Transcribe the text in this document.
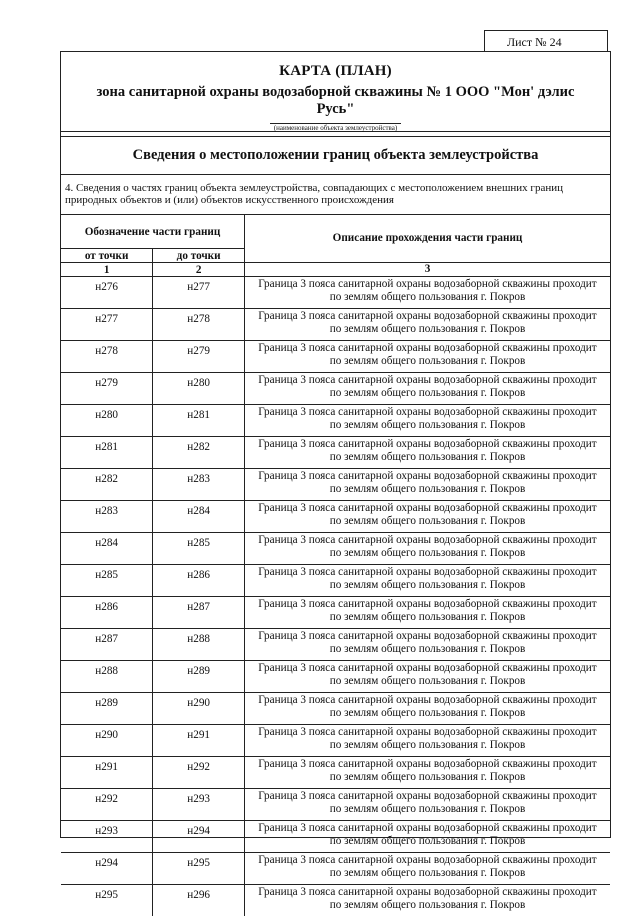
Лист № 24
КАРТА (ПЛАН)
зона санитарной охраны водозаборной скважины № 1 ООО "Мон' дэлис Русь"
(наименование объекта землеустройства)
Сведения о местоположении границ объекта землеустройства
4. Сведения о частях границ объекта землеустройства, совпадающих с местоположением внешних границ природных объектов и (или) объектов искусственного происхождения
Обозначение части границ		Описание прохождения части границ
от точки	до точки	
1	2	3
н276	н277	Граница 3 пояса санитарной охраны водозаборной скважины проходит
по землям общего пользования г. Покров

н277	н278	Граница 3 пояса санитарной охраны водозаборной скважины проходит
по землям общего пользования г. Покров

н278	н279	Граница 3 пояса санитарной охраны водозаборной скважины проходит
по землям общего пользования г. Покров

н279	н280	Граница 3 пояса санитарной охраны водозаборной скважины проходит
по землям общего пользования г. Покров

н280	н281	Граница 3 пояса санитарной охраны водозаборной скважины проходит
по землям общего пользования г. Покров

н281	н282	Граница 3 пояса санитарной охраны водозаборной скважины проходит
по землям общего пользования г. Покров

н282	н283	Граница 3 пояса санитарной охраны водозаборной скважины проходит
по землям общего пользования г. Покров

н283	н284	Граница 3 пояса санитарной охраны водозаборной скважины проходит
по землям общего пользования г. Покров

н284	н285	Граница 3 пояса санитарной охраны водозаборной скважины проходит
по землям общего пользования г. Покров

н285	н286	Граница 3 пояса санитарной охраны водозаборной скважины проходит
по землям общего пользования г. Покров

н286	н287	Граница 3 пояса санитарной охраны водозаборной скважины проходит
по землям общего пользования г. Покров

н287	н288	Граница 3 пояса санитарной охраны водозаборной скважины проходит
по землям общего пользования г. Покров

н288	н289	Граница 3 пояса санитарной охраны водозаборной скважины проходит
по землям общего пользования г. Покров

н289	н290	Граница 3 пояса санитарной охраны водозаборной скважины проходит
по землям общего пользования г. Покров

н290	н291	Граница 3 пояса санитарной охраны водозаборной скважины проходит
по землям общего пользования г. Покров

н291	н292	Граница 3 пояса санитарной охраны водозаборной скважины проходит
по землям общего пользования г. Покров

н292	н293	Граница 3 пояса санитарной охраны водозаборной скважины проходит
по землям общего пользования г. Покров

н293	н294	Граница 3 пояса санитарной охраны водозаборной скважины проходит
по землям общего пользования г. Покров

н294	н295	Граница 3 пояса санитарной охраны водозаборной скважины проходит
по землям общего пользования г. Покров

н295	н296	Граница 3 пояса санитарной охраны водозаборной скважины проходит
по землям общего пользования г. Покров
